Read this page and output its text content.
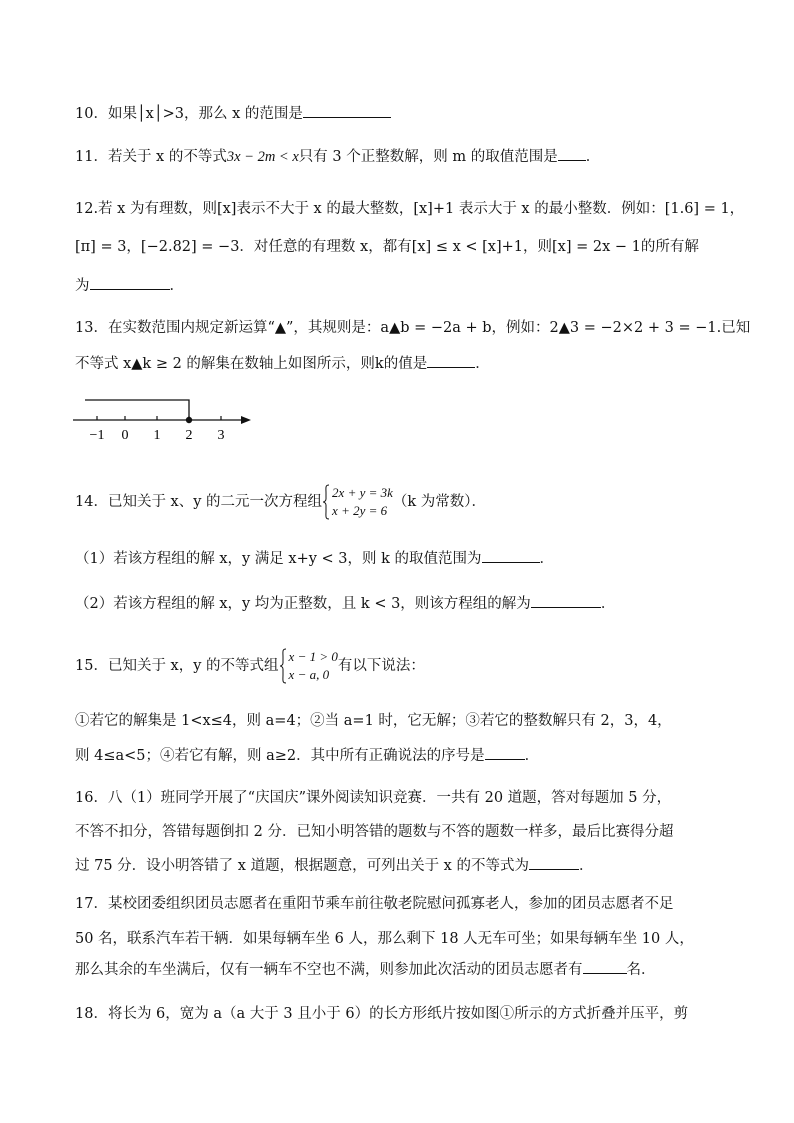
10．如果│x│>3，那么 x 的范围是
11．若关于 x 的不等式3x − 2m < x只有 3 个正整数解，则 m 的取值范围是 ．
12.若 x 为有理数，则[x]表示不大于 x 的最大整数，[x]+1 表示大于 x 的最小整数．例如：[1.6] = 1，
[π] = 3，[−2.82] = −3．对任意的有理数 x，都有[x] ≤ x < [x]+1，则[x] = 2x − 1的所有解
为	．
13．在实数范围内规定新运算“▲”，其规则是：a▲b = −2a + b，例如：2▲3 = −2×2 + 3 = −1.已知
不等式 x▲k ≥ 2 的解集在数轴上如图所示，则k的值是	．
−1 0 1 2 3
14．已知关于 x、y 的二元一次方程组
2x + y = 3k
x + 2y = 6
（k 为常数）．
（1）若该方程组的解 x，y 满足 x+y < 3，则 k 的取值范围为	．
（2）若该方程组的解 x，y 均为正整数，且 k < 3，则该方程组的解为	．
15．已知关于 x，y 的不等式组
x − 1 > 0
x − a, 0
有以下说法：
①若它的解集是 1<x≤4，则 a=4；②当 a=1 时，它无解；③若它的整数解只有 2，3，4，
则 4≤a<5；④若它有解，则 a≥2．其中所有正确说法的序号是	．
16．八（1）班同学开展了“庆国庆”课外阅读知识竞赛．一共有 20 道题，答对每题加 5 分，
不答不扣分，答错每题倒扣 2 分．已知小明答错的题数与不答的题数一样多，最后比赛得分超
过 75 分．设小明答错了 x 道题，根据题意，可列出关于 x 的不等式为	．
17．某校团委组织团员志愿者在重阳节乘车前往敬老院慰问孤寡老人，参加的团员志愿者不足
50 名，联系汽车若干辆．如果每辆车坐 6 人，那么剩下 18 人无车可坐；如果每辆车坐 10 人，
那么其余的车坐满后，仅有一辆车不空也不满，则参加此次活动的团员志愿者有	名．
18．将长为 6，宽为 a（a 大于 3 且小于 6）的长方形纸片按如图①所示的方式折叠并压平，剪
